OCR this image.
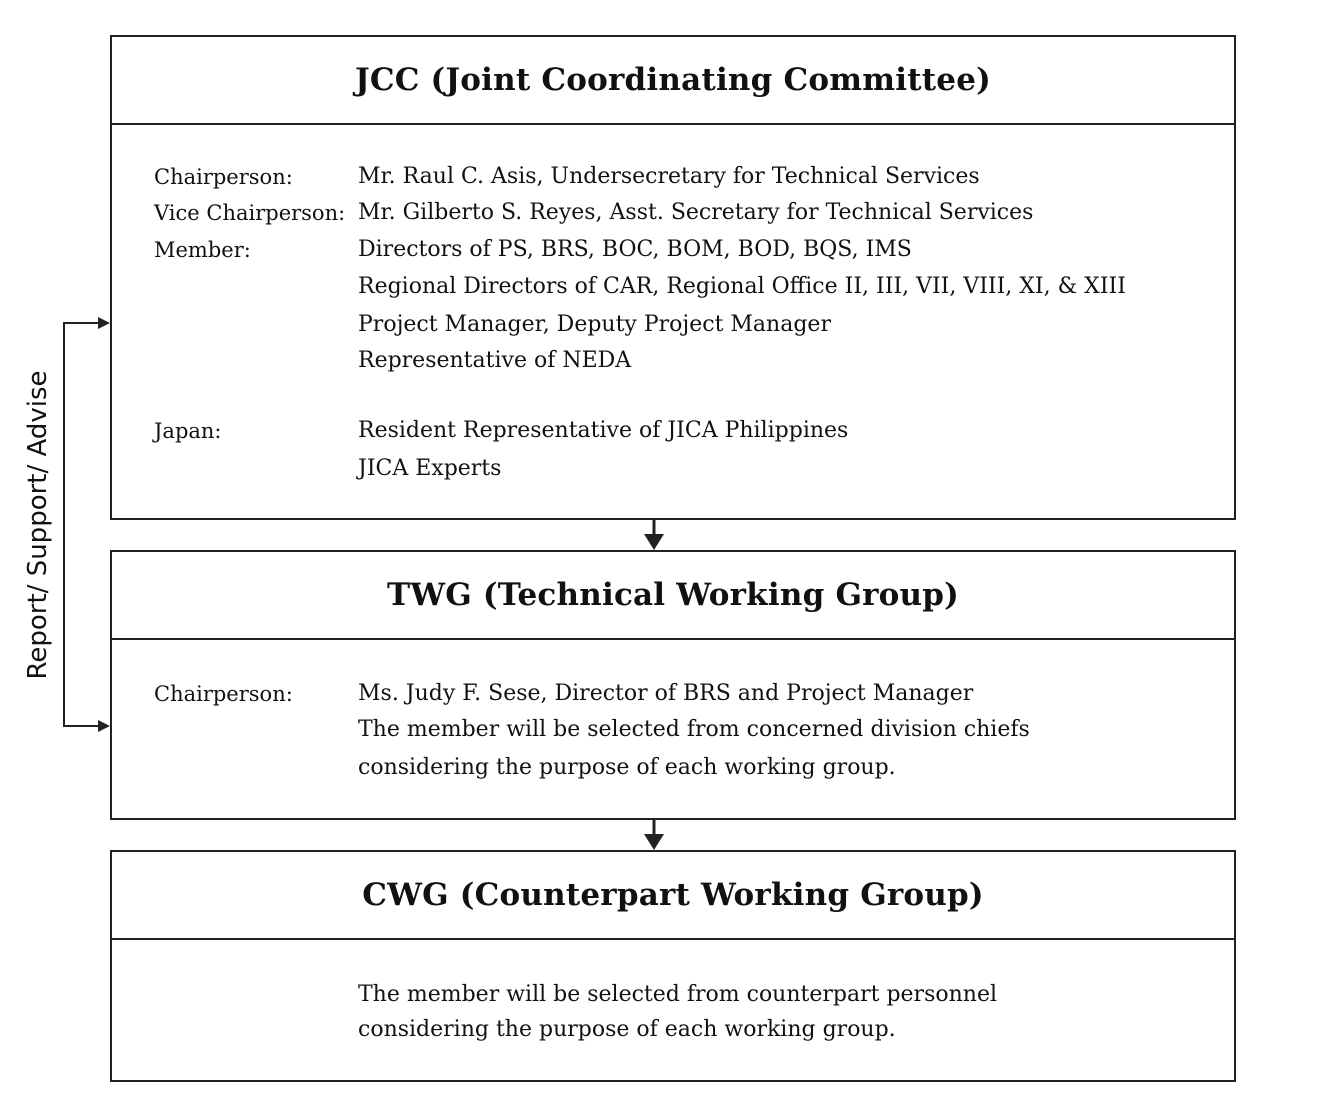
Report/ Support/ Advise
JCC (Joint Coordinating Committee)
Chairperson:	Mr. Raul C. Asis, Undersecretary for Technical Services
Vice Chairperson: Mr. Gilberto S. Reyes, Asst. Secretary for Technical Services
Member:	Directors of PS, BRS, BOC, BOM, BOD, BQS, IMS
Regional Directors of CAR, Regional Office II, III, VII, VIII, XI, & XIII
Project Manager, Deputy Project Manager
Representative of NEDA
Japan:	Resident Representative of JICA Philippines
JICA Experts
TWG (Technical Working Group)
Chairperson:	Ms. Judy F. Sese, Director of BRS and Project Manager
The member will be selected from concerned division chiefs
considering the purpose of each working group.
CWG (Counterpart Working Group)
The member will be selected from counterpart personnel
considering the purpose of each working group.
